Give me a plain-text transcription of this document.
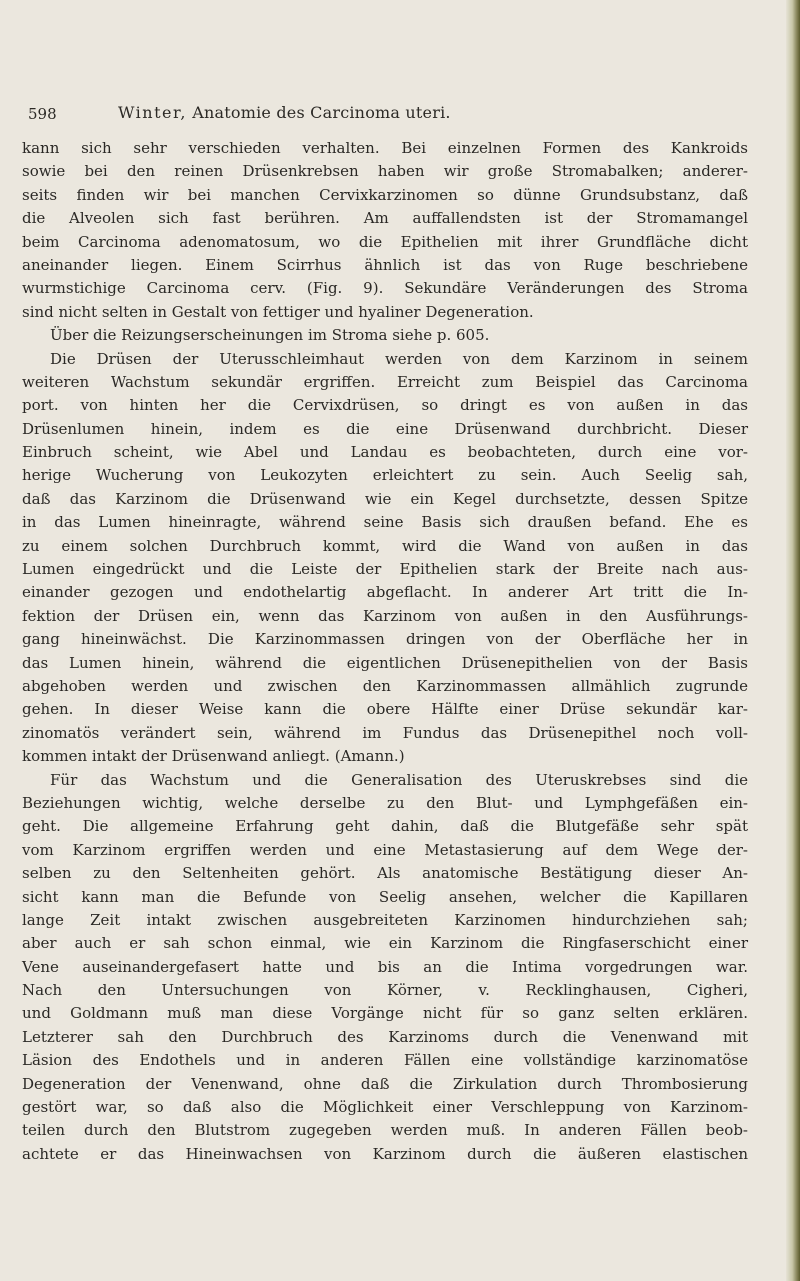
598	Winter, Anatomie des Carcinoma uteri.
kann sich sehr verschieden verhalten. Bei einzelnen Formen des Kankroids
sowie bei den reinen Drüsenkrebsen haben wir große Stromabalken; anderer-
seits finden wir bei manchen Cervixkarzinomen so dünne Grundsubstanz, daß
die Alveolen sich fast berühren. Am auffallendsten ist der Stromamangel
beim Carcinoma adenomatosum, wo die Epithelien mit ihrer Grundfläche dicht
aneinander liegen. Einem Scirrhus ähnlich ist das von Ruge beschriebene
wurmstichige Carcinoma cerv. (Fig. 9). Sekundäre Veränderungen des Stroma
sind nicht selten in Gestalt von fettiger und hyaliner Degeneration.
Über die Reizungserscheinungen im Stroma siehe p. 605.
Die Drüsen der Uterusschleimhaut werden von dem Karzinom in seinem
weiteren Wachstum sekundär ergriffen. Erreicht zum Beispiel das Carcinoma
port. von hinten her die Cervixdrüsen, so dringt es von außen in das
Drüsenlumen hinein, indem es die eine Drüsenwand durchbricht. Dieser
Einbruch scheint, wie Abel und Landau es beobachteten, durch eine vor-
herige Wucherung von Leukozyten erleichtert zu sein. Auch Seelig sah,
daß das Karzinom die Drüsenwand wie ein Kegel durchsetzte, dessen Spitze
in das Lumen hineinragte, während seine Basis sich draußen befand. Ehe es
zu einem solchen Durchbruch kommt, wird die Wand von außen in das
Lumen eingedrückt und die Leiste der Epithelien stark der Breite nach aus-
einander gezogen und endothelartig abgeflacht. In anderer Art tritt die In-
fektion der Drüsen ein, wenn das Karzinom von außen in den Ausführungs-
gang hineinwächst. Die Karzinommassen dringen von der Oberfläche her in
das Lumen hinein, während die eigentlichen Drüsenepithelien von der Basis
abgehoben werden und zwischen den Karzinommassen allmählich zugrunde
gehen. In dieser Weise kann die obere Hälfte einer Drüse sekundär kar-
zinomatös verändert sein, während im Fundus das Drüsenepithel noch voll-
kommen intakt der Drüsenwand anliegt. (Amann.)
Für das Wachstum und die Generalisation des Uteruskrebses sind die
Beziehungen wichtig, welche derselbe zu den Blut- und Lymphgefäßen ein-
geht. Die allgemeine Erfahrung geht dahin, daß die Blutgefäße sehr spät
vom Karzinom ergriffen werden und eine Metastasierung auf dem Wege der-
selben zu den Seltenheiten gehört. Als anatomische Bestätigung dieser An-
sicht kann man die Befunde von Seelig ansehen, welcher die Kapillaren
lange Zeit intakt zwischen ausgebreiteten Karzinomen hindurchziehen sah;
aber auch er sah schon einmal, wie ein Karzinom die Ringfaserschicht einer
Vene auseinandergefasert hatte und bis an die Intima vorgedrungen war.
Nach den Untersuchungen von Körner, v. Recklinghausen, Cigheri,
und Goldmann muß man diese Vorgänge nicht für so ganz selten erklären.
Letzterer sah den Durchbruch des Karzinoms durch die Venenwand mit
Läsion des Endothels und in anderen Fällen eine vollständige karzinomatöse
Degeneration der Venenwand, ohne daß die Zirkulation durch Thrombosierung
gestört war, so daß also die Möglichkeit einer Verschleppung von Karzinom-
teilen durch den Blutstrom zugegeben werden muß. In anderen Fällen beob-
achtete er das Hineinwachsen von Karzinom durch die äußeren elastischen
